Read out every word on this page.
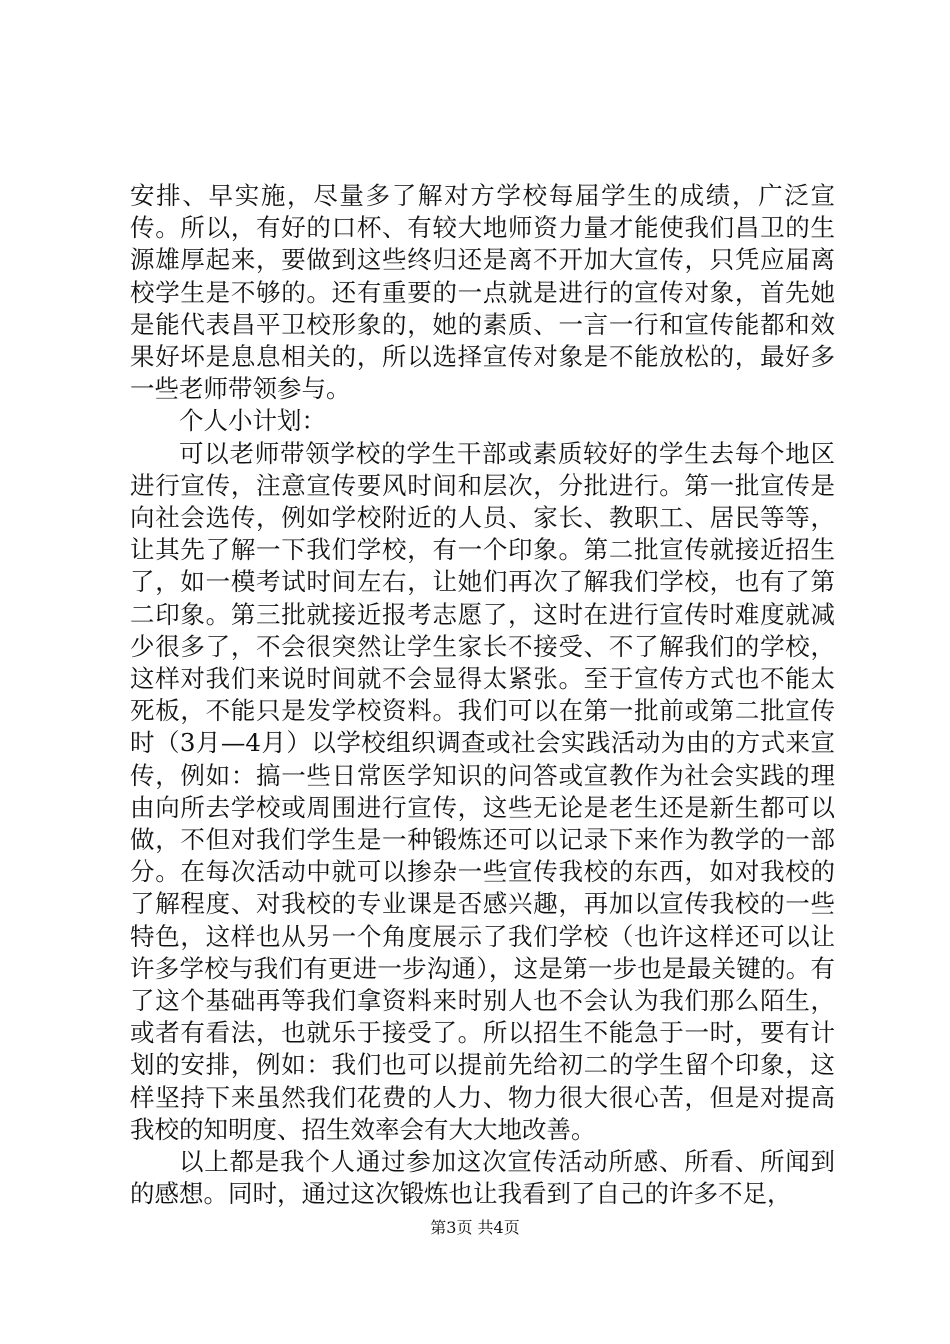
安排、早实施，尽量多了解对方学校每届学生的成绩，广泛宣传。所以，有好的口杯、有较大地师资力量才能使我们昌卫的生源雄厚起来，要做到这些终归还是离不开加大宣传，只凭应届离校学生是不够的。还有重要的一点就是进行的宣传对象，首先她是能代表昌平卫校形象的，她的素质、一言一行和宣传能都和效果好坏是息息相关的，所以选择宣传对象是不能放松的，最好多一些老师带领参与。

个人小计划：

可以老师带领学校的学生干部或素质较好的学生去每个地区进行宣传，注意宣传要风时间和层次，分批进行。第一批宣传是向社会选传，例如学校附近的人员、家长、教职工、居民等等，让其先了解一下我们学校，有一个印象。第二批宣传就接近招生了，如一模考试时间左右，让她们再次了解我们学校，也有了第二印象。第三批就接近报考志愿了，这时在进行宣传时难度就减少很多了，不会很突然让学生家长不接受、不了解我们的学校，这样对我们来说时间就不会显得太紧张。至于宣传方式也不能太死板，不能只是发学校资料。我们可以在第一批前或第二批宣传时（3月—4月）以学校组织调查或社会实践活动为由的方式来宣传，例如：搞一些日常医学知识的问答或宣教作为社会实践的理由向所去学校或周围进行宣传，这些无论是老生还是新生都可以做，不但对我们学生是一种锻炼还可以记录下来作为教学的一部分。在每次活动中就可以掺杂一些宣传我校的东西，如对我校的了解程度、对我校的专业课是否感兴趣，再加以宣传我校的一些特色，这样也从另一个角度展示了我们学校（也许这样还可以让许多学校与我们有更进一步沟通），这是第一步也是最关键的。有了这个基础再等我们拿资料来时别人也不会认为我们那么陌生，或者有看法，也就乐于接受了。所以招生不能急于一时，要有计划的安排，例如：我们也可以提前先给初二的学生留个印象，这样坚持下来虽然我们花费的人力、物力很大很心苦，但是对提高我校的知明度、招生效率会有大大地改善。

以上都是我个人通过参加这次宣传活动所感、所看、所闻到的感想。同时，通过这次锻炼也让我看到了自己的许多不足，

第3页 共4页
